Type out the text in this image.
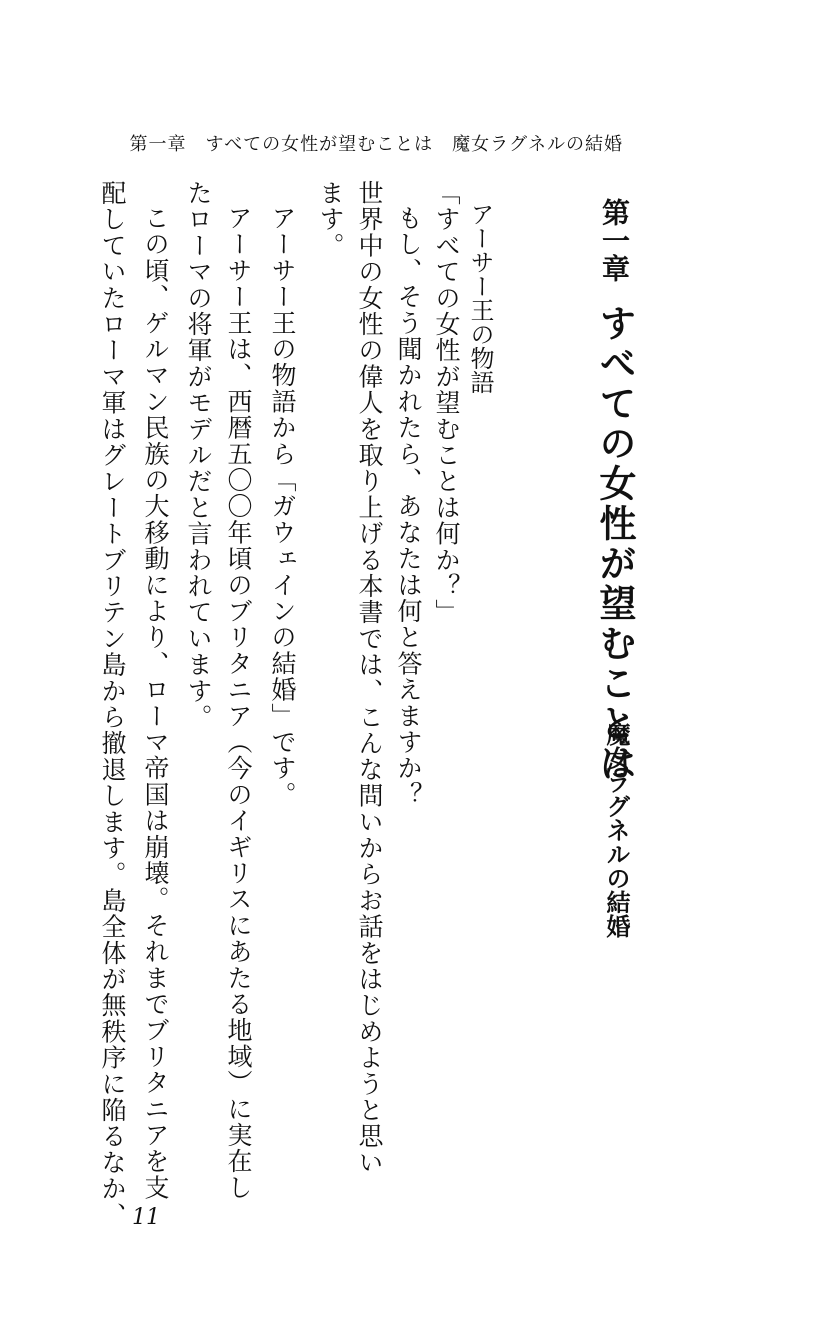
第一章　すべての女性が望むことは　魔女ラグネルの結婚
第一章
すべての女性が望むことは
魔女ラグネルの結婚
アーサー王の物語
世界中の女性の偉人を取り上げる本書では、こんな問いからお話をはじめようと思い
ます。 もし、そう聞かれたら、あなたは何と答えますか？ 「すべての女性が望むことは何か？」
アーサー王の物語から「ガウェインの結婚」です。
アーサー王は、西暦五〇〇年頃のブリタニア（今のイギリスにあたる地域）に実在し
たローマの将軍がモデルだと言われています。
この頃、ゲルマン民族の大移動により、ローマ帝国は崩壊。それまでブリタニアを支
配していたローマ軍はグレートブリテン島から撤退します。島全体が無秩序に陥るなか、 11
